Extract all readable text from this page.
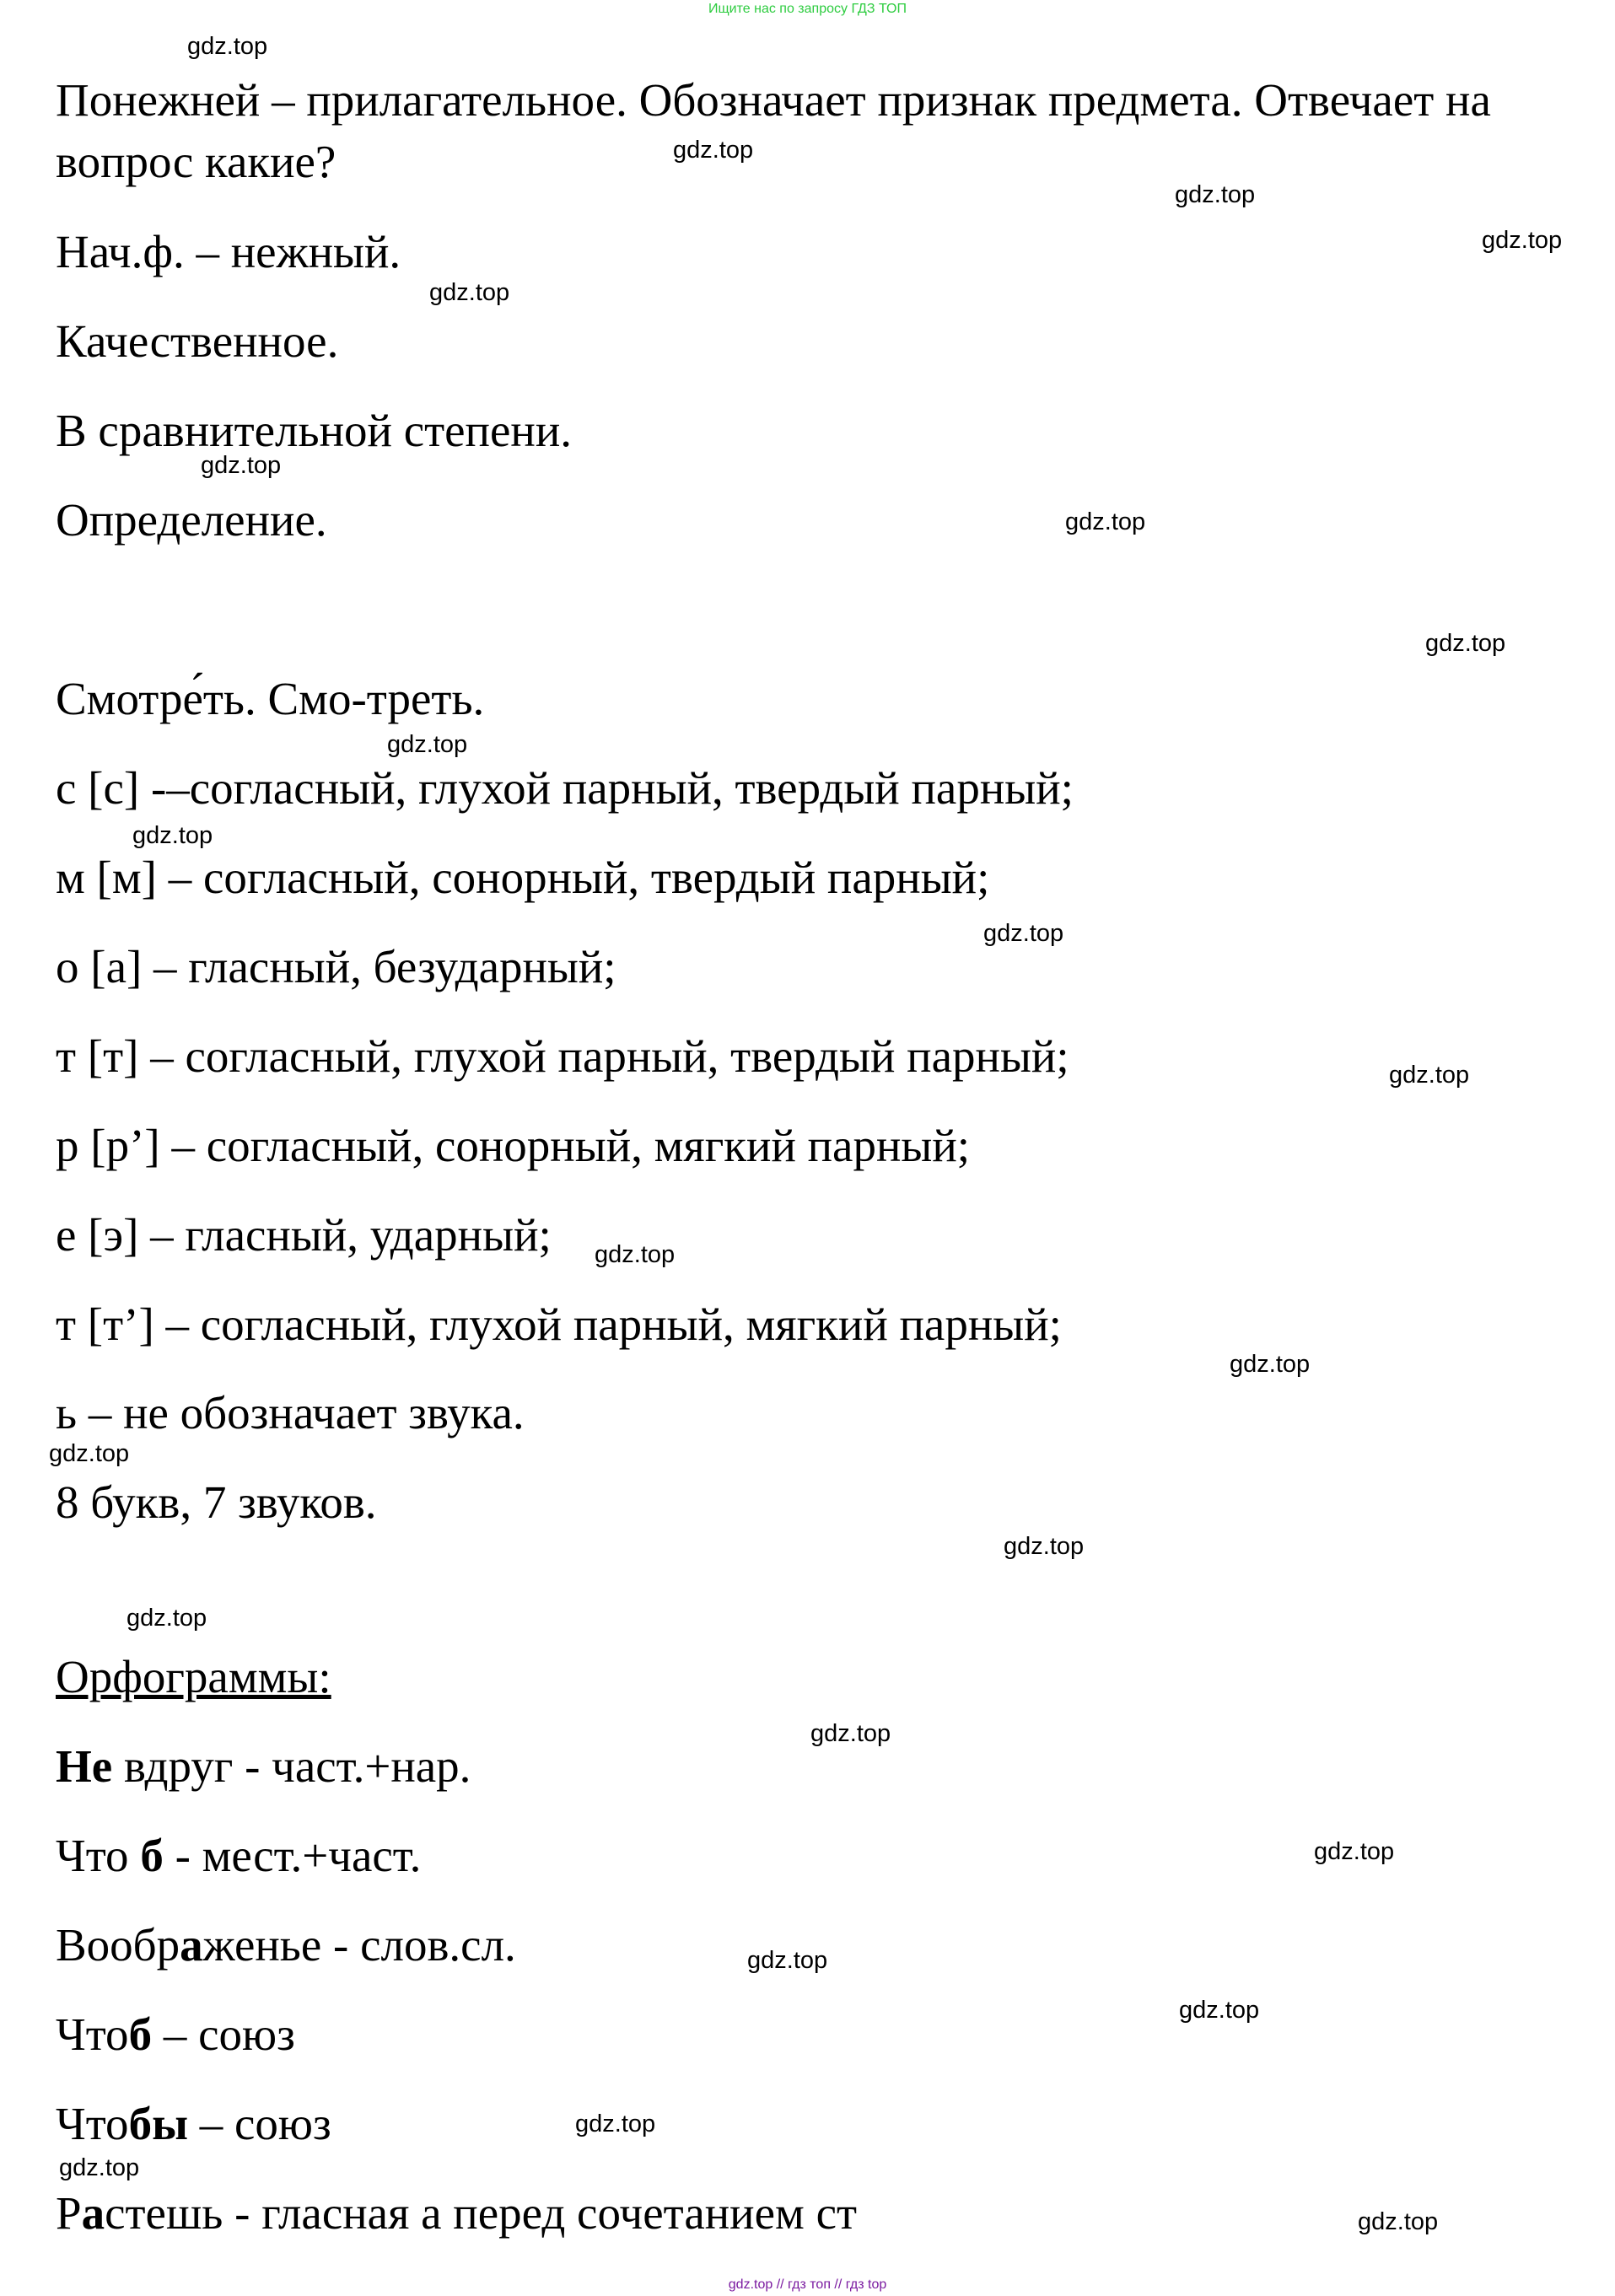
Ищите нас по запросу ГДЗ ТОП
gdz.top
gdz.top
gdz.top
gdz.top
gdz.top
gdz.top
gdz.top
gdz.top
gdz.top
gdz.top
gdz.top
gdz.top
gdz.top
gdz.top
gdz.top
gdz.top
gdz.top
gdz.top
gdz.top
gdz.top
gdz.top
gdz.top
gdz.top
gdz.top
Понежней – прилагательное. Обозначает признак предмета. Отвечает на
вопрос какие?
Нач.ф. – нежный.
Качественное.
В сравнительной степени.
Определение.
Смотре́ть. Смо-треть.
с [с] -–согласный, глухой парный, твердый парный;
м [м] – согласный, сонорный, твердый парный;
о [а] – гласный, безударный;
т [т] – согласный, глухой парный, твердый парный;
р [р’] – согласный, сонорный, мягкий парный;
е [э] – гласный, ударный;
т [т’] – согласный, глухой парный, мягкий парный;
ь – не обозначает звука.
8 букв, 7 звуков.
Орфограммы:
Не вдруг - част.+нар.
Что б - мест.+част.
Воображенье - слов.сл.
Чтоб – союз
Чтобы – союз
Растешь - гласная а перед сочетанием ст
gdz.top // гдз топ // гдз top
